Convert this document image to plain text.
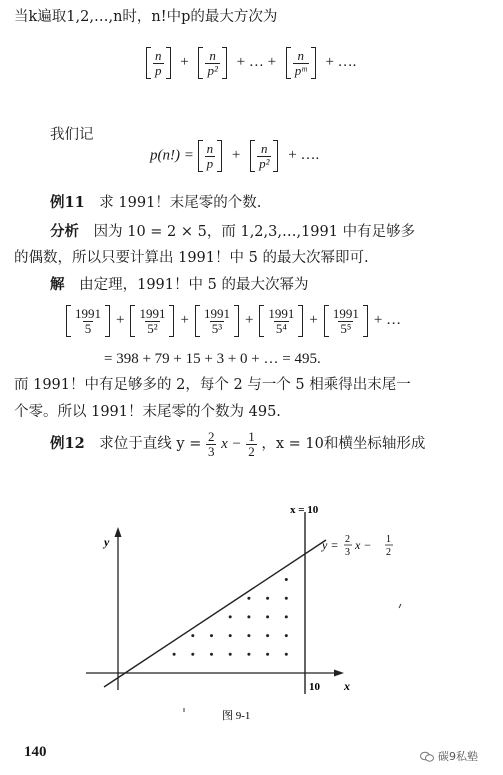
当k遍取1,2,…,n时，n!中p的最大方次为
$\frac{n}{p} + \frac{n}{\text{p²}}$ + … + $\frac{n}{\text{pᵐ}}$ + ….
我们记
$p(n!) = \frac{n}{p} + \frac{n}{\text{p²}}$ + ….
例11 求 1991！末尾零的个数.
分析 因为 10 = 2 × 5，而 1,2,3,…,1991 中有足够多
的偶数，所以只要计算出 1991！中 5 的最大次幂即可.
解 由定理，1991！中 5 的最大次幂为
$\frac{1991}{5} + \frac{1991}{\text{5²}} + \frac{1991}{\text{5³}} + \frac{1991}{\text{5⁴}} + \frac{1991}{\text{5⁵}}$ + …
= 398 + 79 + 15 + 3 + 0 + … = 495.
而 1991！中有足够多的 2，每个 2 与一个 5 相乘得出末尾一
个零。所以 1991！末尾零的个数为 495.
例12 求位于直线 $y = \frac{2}{3}$ $x - \frac{1}{2}$ ，x = 10和横坐标轴形成
x = 10
y = 2
3
x − 1
2
y
x
10
图 9-1
140	碳9私塾
